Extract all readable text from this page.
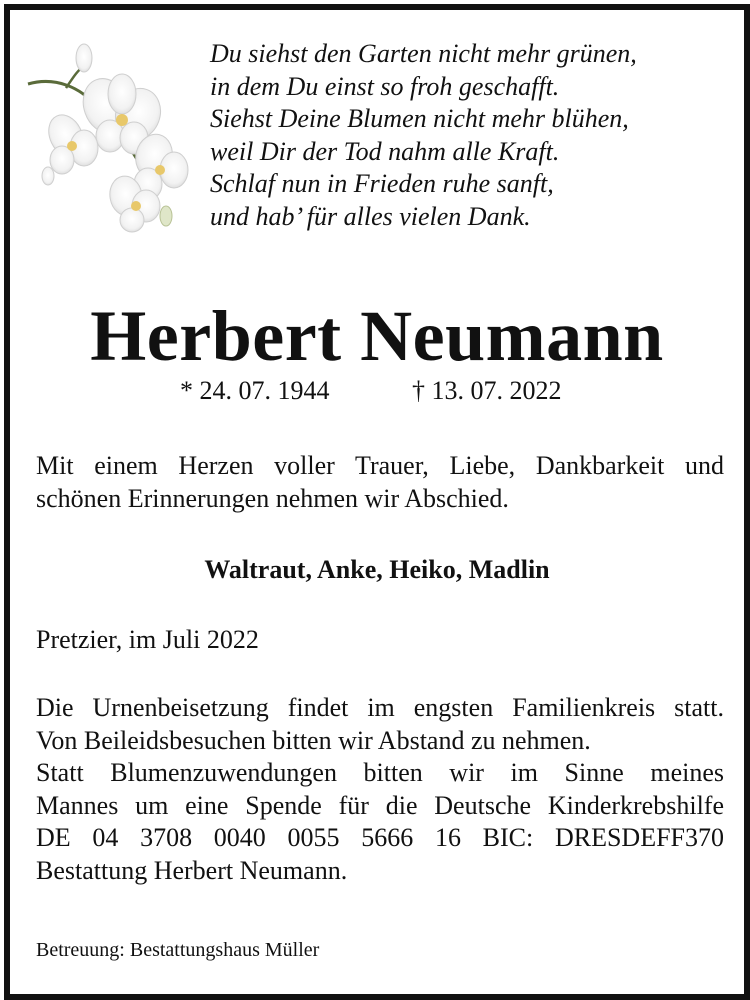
Du siehst den Garten nicht mehr grünen,
in dem Du einst so froh geschafft.
Siehst Deine Blumen nicht mehr blühen,
weil Dir der Tod nahm alle Kraft.
Schlaf nun in Frieden ruhe sanft,
und hab’ für alles vielen Dank.
Herbert Neumann
* 24. 07. 1944	† 13. 07. 2022
Mit einem Herzen voller Trauer, Liebe, Dankbarkeit und
schönen Erinnerungen nehmen wir Abschied.
Waltraut, Anke, Heiko, Madlin
Pretzier, im Juli 2022
Die Urnenbeisetzung findet im engsten Familienkreis statt.
Von Beileidsbesuchen bitten wir Abstand zu nehmen.
Statt Blumenzuwendungen bitten wir im Sinne meines
Mannes um eine Spende für die Deutsche Kinderkrebshilfe
DE 04 3708 0040 0055 5666 16 BIC: DRESDEFF370
Bestattung Herbert Neumann.
Betreuung: Bestattungshaus Müller
